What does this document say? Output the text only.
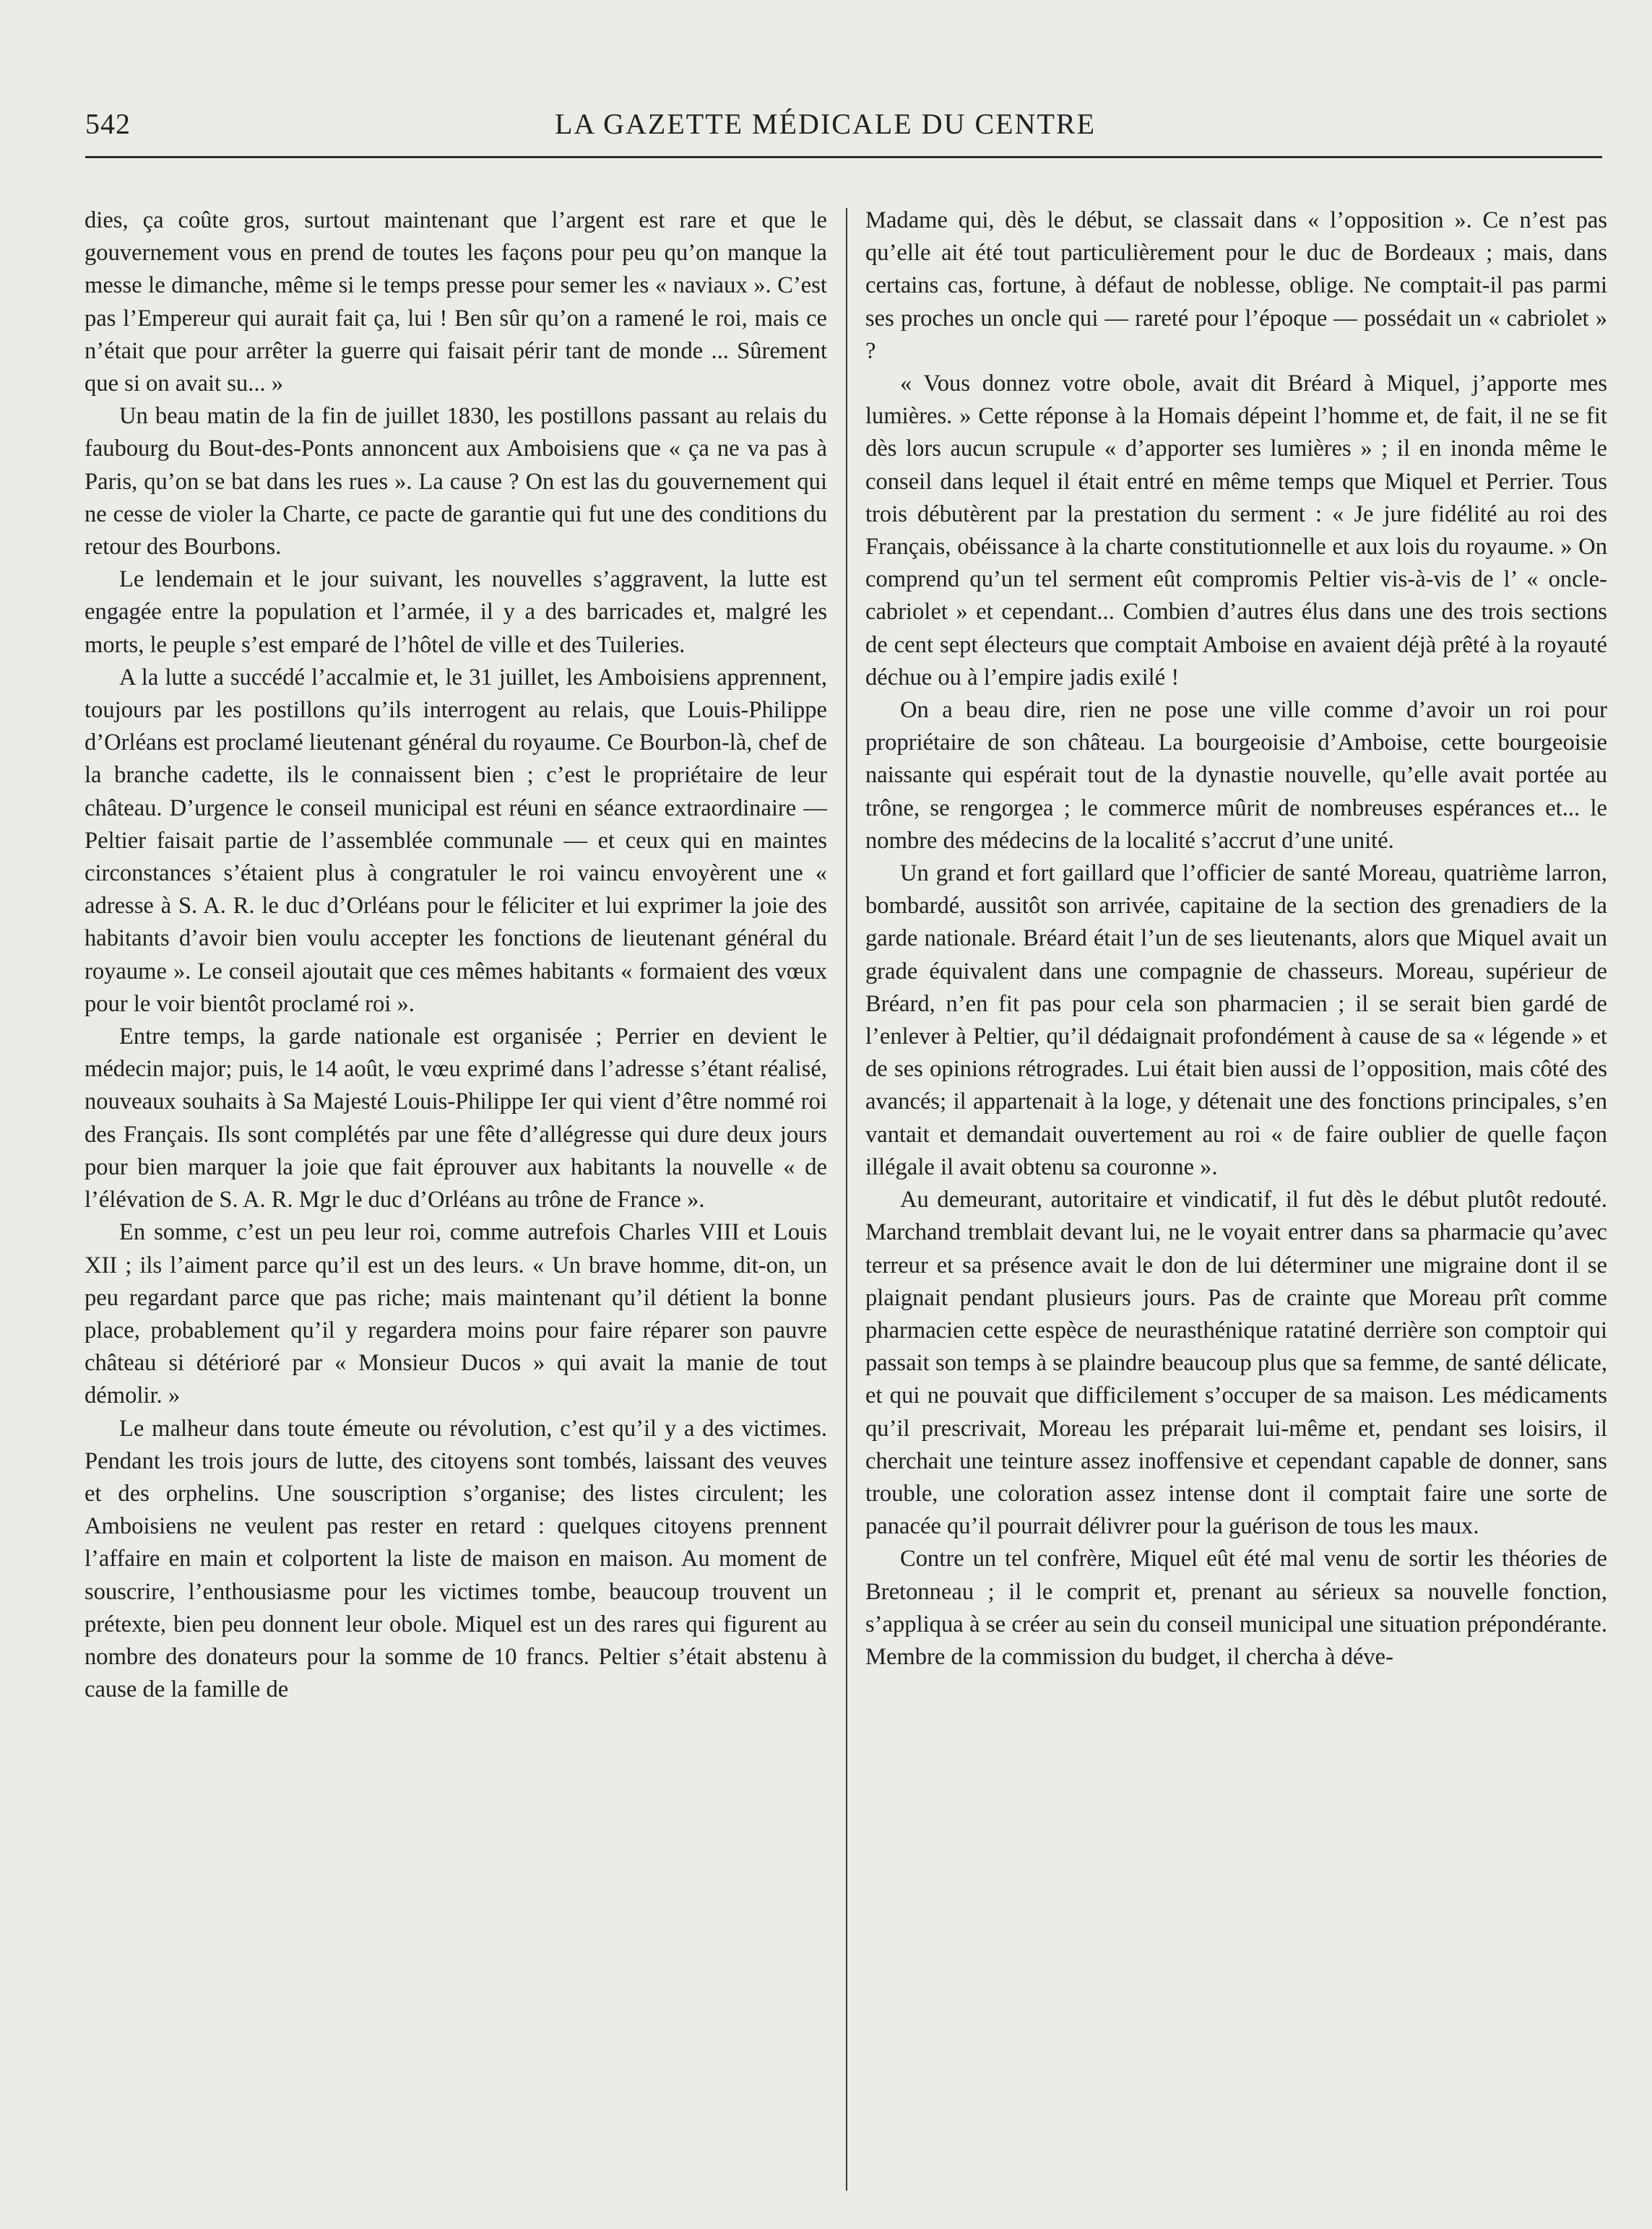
542	LA GAZETTE MÉDICALE DU CENTRE

dies, ça coûte gros, surtout maintenant que l’argent est rare et que le gouvernement vous en prend de toutes les façons pour peu qu’on manque la messe le dimanche, même si le temps presse pour semer les « naviaux ». C’est pas l’Empereur qui aurait fait ça, lui ! Ben sûr qu’on a ramené le roi, mais ce n’était que pour arrêter la guerre qui faisait périr tant de monde ... Sûrement que si on avait su... »

Un beau matin de la fin de juillet 1830, les postillons passant au relais du faubourg du Bout-des-Ponts annoncent aux Amboisiens que « ça ne va pas à Paris, qu’on se bat dans les rues ». La cause ? On est las du gouvernement qui ne cesse de violer la Charte, ce pacte de garantie qui fut une des conditions du retour des Bourbons.

Le lendemain et le jour suivant, les nouvelles s’aggravent, la lutte est engagée entre la population et l’armée, il y a des barricades et, malgré les morts, le peuple s’est emparé de l’hôtel de ville et des Tuileries.

A la lutte a succédé l’accalmie et, le 31 juillet, les Amboisiens apprennent, toujours par les postillons qu’ils interrogent au relais, que Louis-Philippe d’Orléans est proclamé lieutenant général du royaume. Ce Bourbon-là, chef de la branche cadette, ils le connaissent bien ; c’est le propriétaire de leur château. D’urgence le conseil municipal est réuni en séance extraordinaire — Peltier faisait partie de l’assemblée communale — et ceux qui en maintes circonstances s’étaient plus à congratuler le roi vaincu envoyèrent une « adresse à S. A. R. le duc d’Orléans pour le féliciter et lui exprimer la joie des habitants d’avoir bien voulu accepter les fonctions de lieutenant général du royaume ». Le conseil ajoutait que ces mêmes habitants « formaient des vœux pour le voir bientôt proclamé roi ».

Entre temps, la garde nationale est organisée ; Perrier en devient le médecin major; puis, le 14 août, le vœu exprimé dans l’adresse s’étant réalisé, nouveaux souhaits à Sa Majesté Louis-Philippe Ier qui vient d’être nommé roi des Français. Ils sont complétés par une fête d’allégresse qui dure deux jours pour bien marquer la joie que fait éprouver aux habitants la nouvelle « de l’élévation de S. A. R. Mgr le duc d’Orléans au trône de France ».

En somme, c’est un peu leur roi, comme autrefois Charles VIII et Louis XII ; ils l’aiment parce qu’il est un des leurs. « Un brave homme, dit-on, un peu regardant parce que pas riche; mais maintenant qu’il détient la bonne place, probablement qu’il y regardera moins pour faire réparer son pauvre château si détérioré par « Monsieur Ducos » qui avait la manie de tout démolir. »

Le malheur dans toute émeute ou révolution, c’est qu’il y a des victimes. Pendant les trois jours de lutte, des citoyens sont tombés, laissant des veuves et des orphelins. Une souscription s’organise; des listes circulent; les Amboisiens ne veulent pas rester en retard : quelques citoyens prennent l’affaire en main et colportent la liste de maison en maison. Au moment de souscrire, l’enthousiasme pour les victimes tombe, beaucoup trouvent un prétexte, bien peu donnent leur obole. Miquel est un des rares qui figurent au nombre des donateurs pour la somme de 10 francs. Peltier s’était abstenu à cause de la famille de

Madame qui, dès le début, se classait dans « l’opposition ». Ce n’est pas qu’elle ait été tout particulièrement pour le duc de Bordeaux ; mais, dans certains cas, fortune, à défaut de noblesse, oblige. Ne comptait-il pas parmi ses proches un oncle qui — rareté pour l’époque — possédait un « cabriolet » ?

« Vous donnez votre obole, avait dit Bréard à Miquel, j’apporte mes lumières. » Cette réponse à la Homais dépeint l’homme et, de fait, il ne se fit dès lors aucun scrupule « d’apporter ses lumières » ; il en inonda même le conseil dans lequel il était entré en même temps que Miquel et Perrier. Tous trois débutèrent par la prestation du serment : « Je jure fidélité au roi des Français, obéissance à la charte constitutionnelle et aux lois du royaume. » On comprend qu’un tel serment eût compromis Peltier vis-à-vis de l’ « oncle-cabriolet » et cependant... Combien d’autres élus dans une des trois sections de cent sept électeurs que comptait Amboise en avaient déjà prêté à la royauté déchue ou à l’empire jadis exilé !

On a beau dire, rien ne pose une ville comme d’avoir un roi pour propriétaire de son château. La bourgeoisie d’Amboise, cette bourgeoisie naissante qui espérait tout de la dynastie nouvelle, qu’elle avait portée au trône, se rengorgea ; le commerce mûrit de nombreuses espérances et... le nombre des médecins de la localité s’accrut d’une unité.

Un grand et fort gaillard que l’officier de santé Moreau, quatrième larron, bombardé, aussitôt son arrivée, capitaine de la section des grenadiers de la garde nationale. Bréard était l’un de ses lieutenants, alors que Miquel avait un grade équivalent dans une compagnie de chasseurs. Moreau, supérieur de Bréard, n’en fit pas pour cela son pharmacien ; il se serait bien gardé de l’enlever à Peltier, qu’il dédaignait profondément à cause de sa « légende » et de ses opinions rétrogrades. Lui était bien aussi de l’opposition, mais côté des avancés; il appartenait à la loge, y détenait une des fonctions principales, s’en vantait et demandait ouvertement au roi « de faire oublier de quelle façon illégale il avait obtenu sa couronne ».

Au demeurant, autoritaire et vindicatif, il fut dès le début plutôt redouté. Marchand tremblait devant lui, ne le voyait entrer dans sa pharmacie qu’avec terreur et sa présence avait le don de lui déterminer une migraine dont il se plaignait pendant plusieurs jours. Pas de crainte que Moreau prît comme pharmacien cette espèce de neurasthénique ratatiné derrière son comptoir qui passait son temps à se plaindre beaucoup plus que sa femme, de santé délicate, et qui ne pouvait que difficilement s’occuper de sa maison. Les médicaments qu’il prescrivait, Moreau les préparait lui-même et, pendant ses loisirs, il cherchait une teinture assez inoffensive et cependant capable de donner, sans trouble, une coloration assez intense dont il comptait faire une sorte de panacée qu’il pourrait délivrer pour la guérison de tous les maux.

Contre un tel confrère, Miquel eût été mal venu de sortir les théories de Bretonneau ; il le comprit et, prenant au sérieux sa nouvelle fonction, s’appliqua à se créer au sein du conseil municipal une situation prépondérante. Membre de la commission du budget, il chercha à déve-
